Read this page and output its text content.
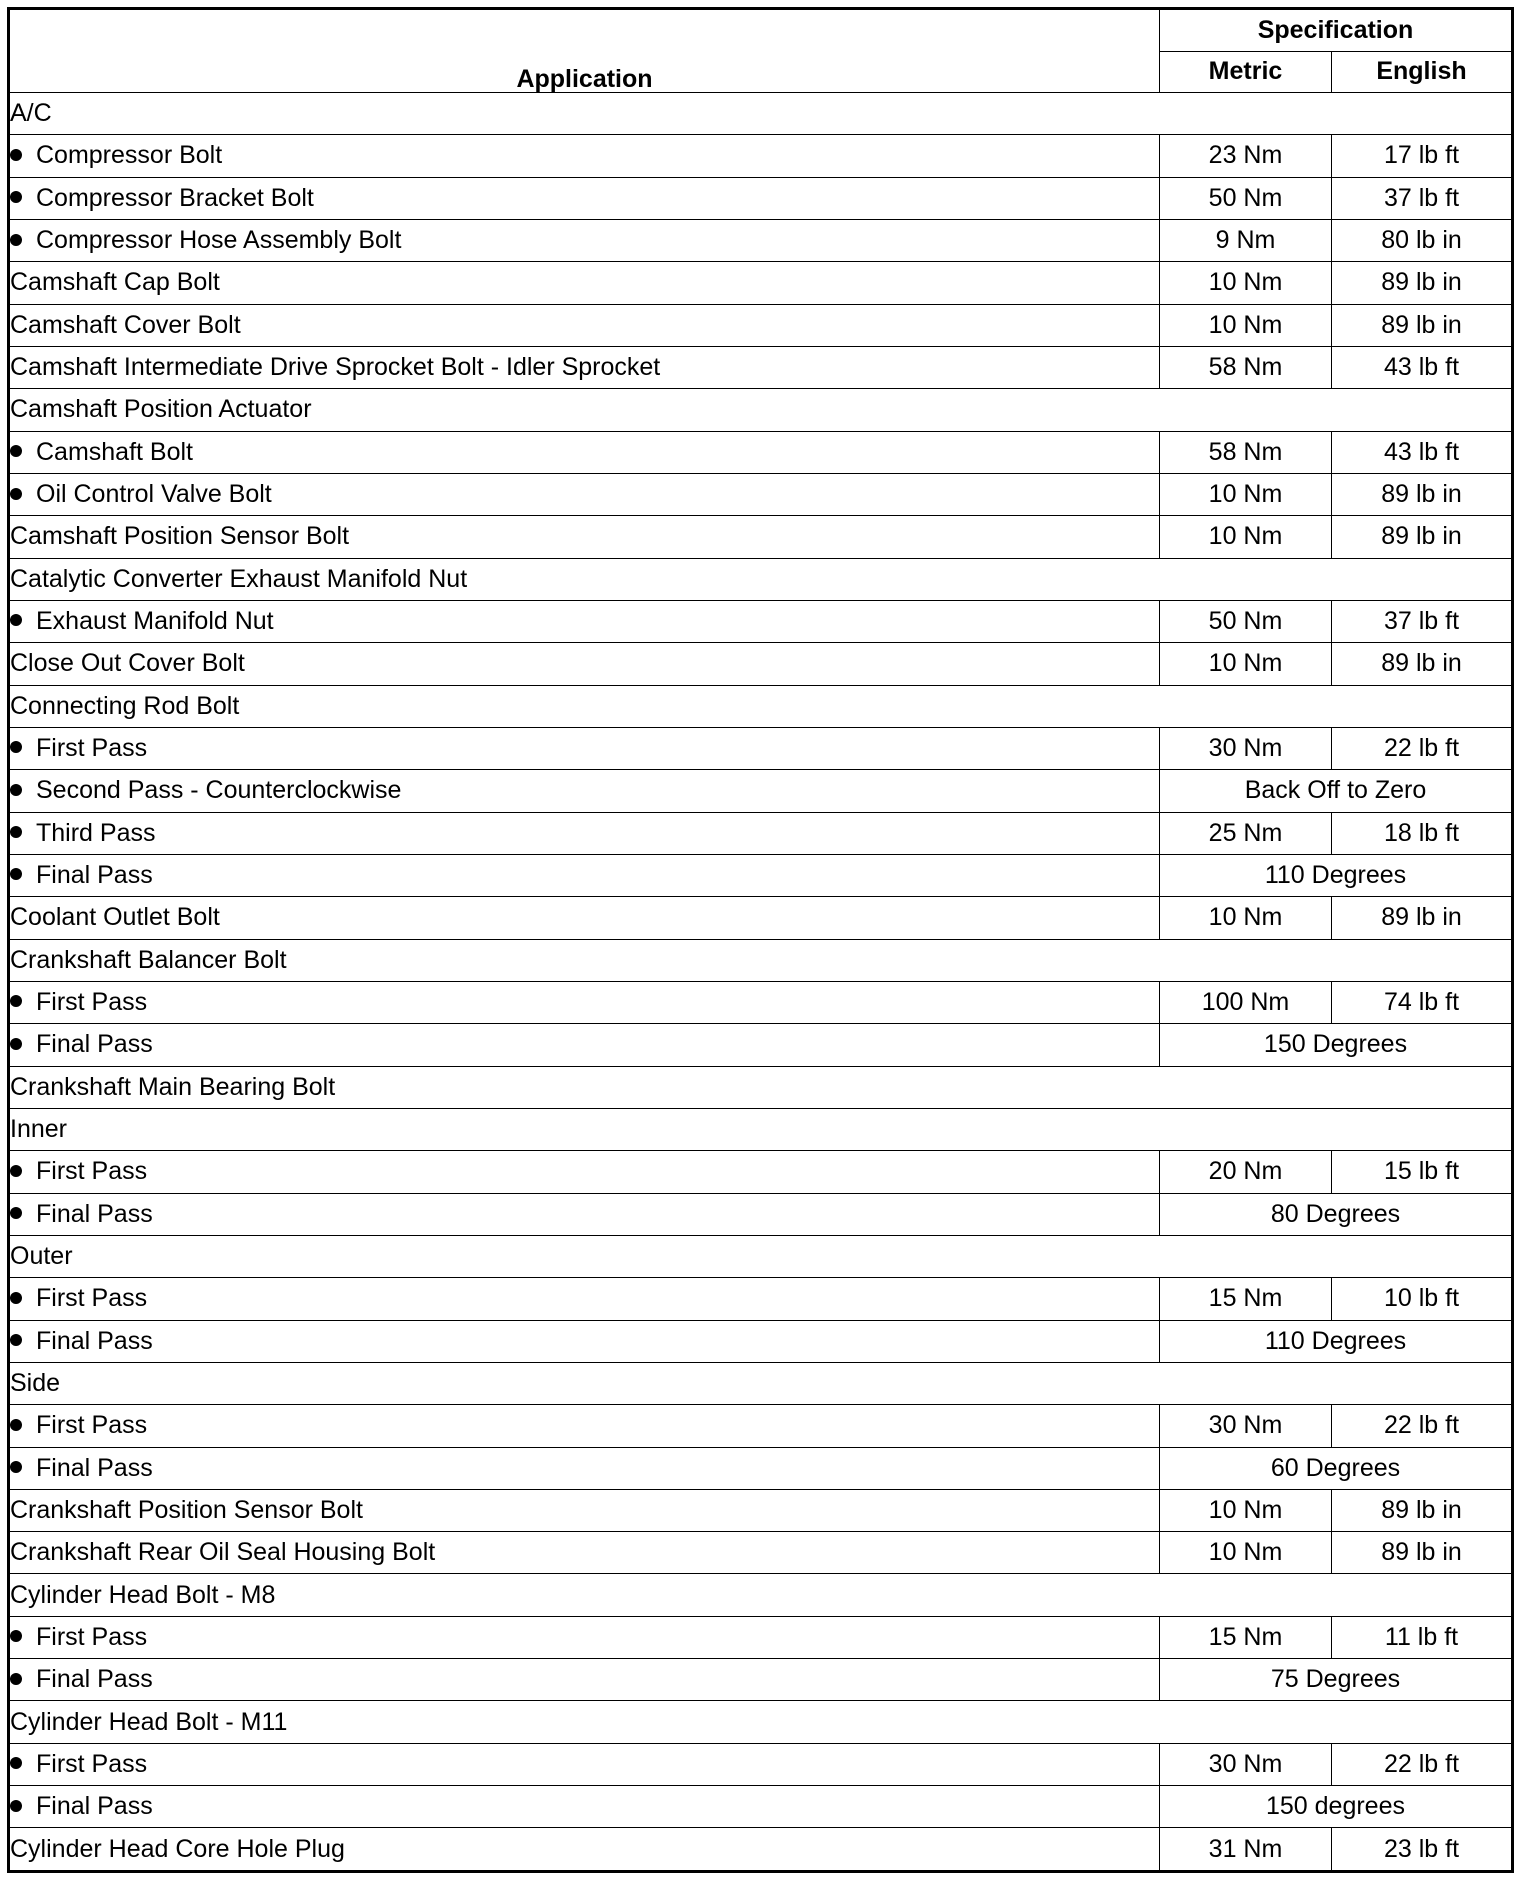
Application	Specification	
	Metric	English
A/C		
Compressor Bolt	23 Nm	17 lb ft
Compressor Bracket Bolt	50 Nm	37 lb ft
Compressor Hose Assembly Bolt	9 Nm	80 lb in
Camshaft Cap Bolt	10 Nm	89 lb in
Camshaft Cover Bolt	10 Nm	89 lb in
Camshaft Intermediate Drive Sprocket Bolt - Idler Sprocket	58 Nm	43 lb ft
Camshaft Position Actuator		
Camshaft Bolt	58 Nm	43 lb ft
Oil Control Valve Bolt	10 Nm	89 lb in
Camshaft Position Sensor Bolt	10 Nm	89 lb in
Catalytic Converter Exhaust Manifold Nut		
Exhaust Manifold Nut	50 Nm	37 lb ft
Close Out Cover Bolt	10 Nm	89 lb in
Connecting Rod Bolt		
First Pass	30 Nm	22 lb ft
Second Pass - Counterclockwise	Back Off to Zero	
Third Pass	25 Nm	18 lb ft
Final Pass	110 Degrees	
Coolant Outlet Bolt	10 Nm	89 lb in
Crankshaft Balancer Bolt		
First Pass	100 Nm	74 lb ft
Final Pass	150 Degrees	
Crankshaft Main Bearing Bolt		
Inner		
First Pass	20 Nm	15 lb ft
Final Pass	80 Degrees	
Outer		
First Pass	15 Nm	10 lb ft
Final Pass	110 Degrees	
Side		
First Pass	30 Nm	22 lb ft
Final Pass	60 Degrees	
Crankshaft Position Sensor Bolt	10 Nm	89 lb in
Crankshaft Rear Oil Seal Housing Bolt	10 Nm	89 lb in
Cylinder Head Bolt - M8		
First Pass	15 Nm	11 lb ft
Final Pass	75 Degrees	
Cylinder Head Bolt - M11		
First Pass	30 Nm	22 lb ft
Final Pass	150 degrees	
Cylinder Head Core Hole Plug	31 Nm	23 lb ft
